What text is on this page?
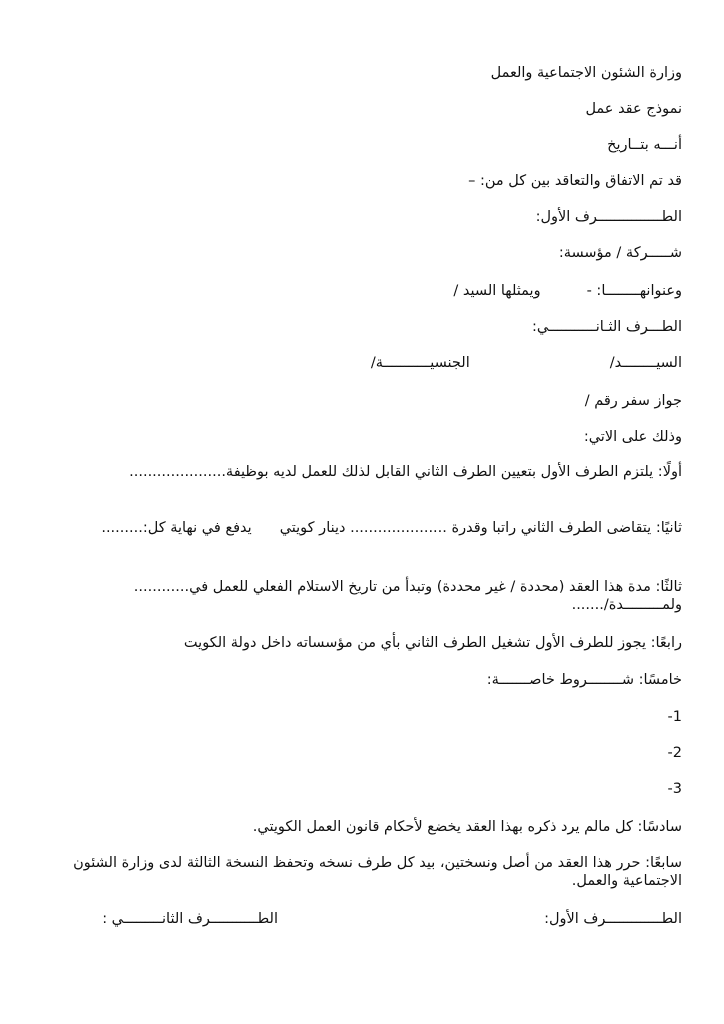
وزارة الشئون الاجتماعية والعمل
نموذج عقد عمل
أنـــه بتــاريخ
قد تم الاتفاق والتعاقد بين كل من: –
الطـــــــــــــــرف الأول:
شـــــركة / مؤسسة:
وعنوانهــــــــا: -ويمثلها السيد /
الطـــرف الثـانـــــــــــي:
السيــــــــد/الجنسيـــــــــــة/
جواز سفر رقم /
وذلك على الاتي:
أولًا: يلتزم الطرف الأول بتعيين الطرف الثاني القابل لذلك للعمل لديه بوظيفة.....................
ثانيًا: يتقاضى الطرف الثاني راتبا وقدرة ..................... دينار كويتييدفع في نهاية كل:.........
ثالثًا: مدة هذا العقد (محددة / غير محددة) وتبدأ من تاريخ الاستلام الفعلي للعمل في............ ولمـــــــــدة/.......
رابعًا: يجوز للطرف الأول تشغيل الطرف الثاني بأي من مؤسساته داخل دولة الكويت
خامسًا: شــــــــروط خاصـــــــة:
1-
2-
3-
سادسًا: كل مالم يرد ذكره بهذا العقد يخضع لأحكام قانون العمل الكويتي.
سابعًا: حرر هذا العقد من أصل ونسختين، بيد كل طرف نسخه وتحفظ النسخة الثالثة لدى وزارة الشئون الاجتماعية والعمل.
الطـــــــــــــرف الأول:
الطـــــــــــرف الثانـــــــــي :
